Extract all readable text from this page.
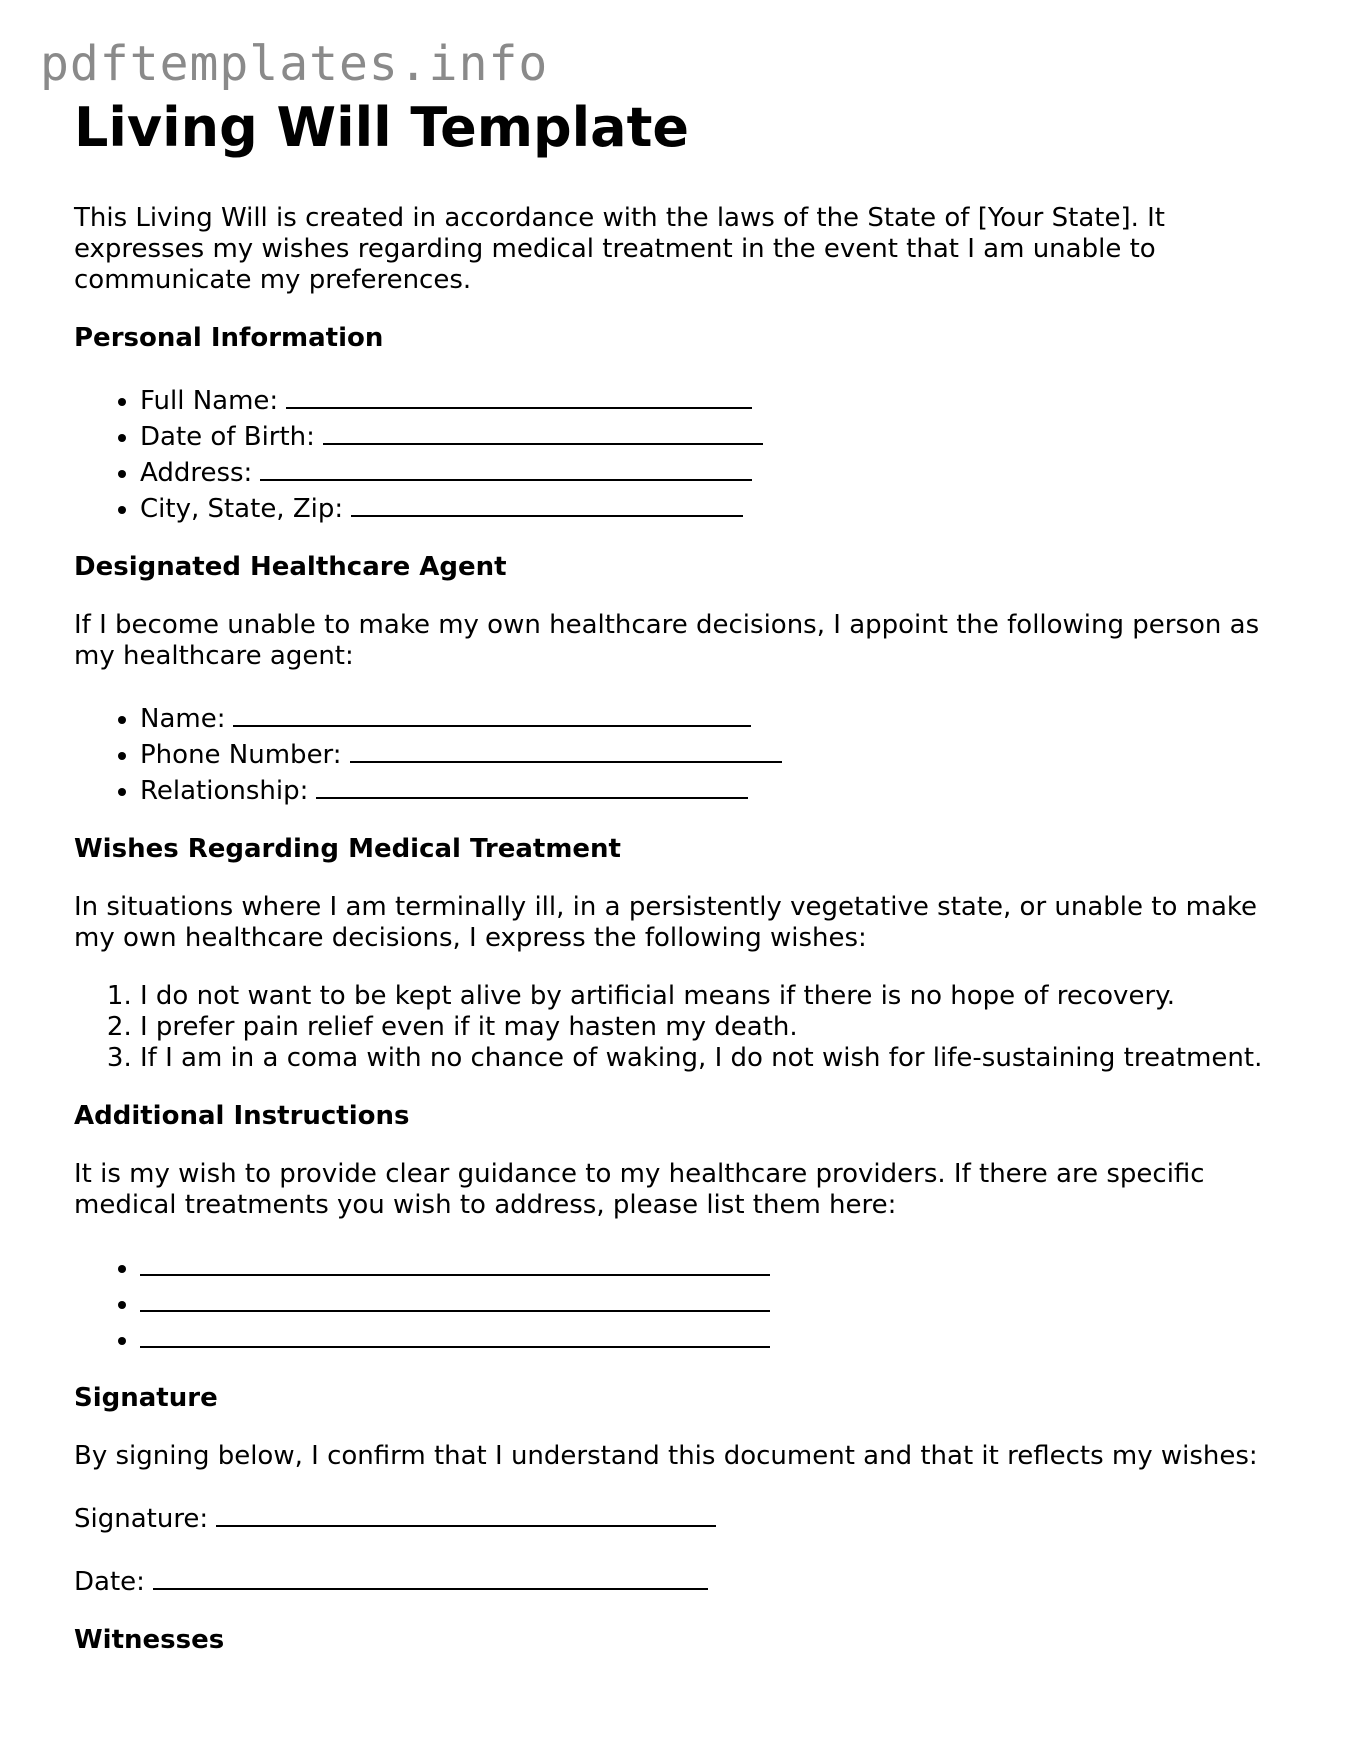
pdftemplates.info
Living Will Template

This Living Will is created in accordance with the laws of the State of [Your State]. It expresses my wishes regarding medical treatment in the event that I am unable to communicate my preferences.

Personal Information
• Full Name:
• Date of Birth:
• Address:
• City, State, Zip:
Designated Healthcare Agent

If I become unable to make my own healthcare decisions, I appoint the following person as my healthcare agent:

• Name:
• Phone Number:
• Relationship:
Wishes Regarding Medical Treatment

In situations where I am terminally ill, in a persistently vegetative state, or unable to make my own healthcare decisions, I express the following wishes:

1. I do not want to be kept alive by artificial means if there is no hope of recovery.
2. I prefer pain relief even if it may hasten my death.
3. If I am in a coma with no chance of waking, I do not wish for life-sustaining treatment.
Additional Instructions

It is my wish to provide clear guidance to my healthcare providers. If there are specific medical treatments you wish to address, please list them here:

•
•
•
Signature

By signing below, I confirm that I understand this document and that it reflects my wishes:

Signature:

Date:

Witnesses
